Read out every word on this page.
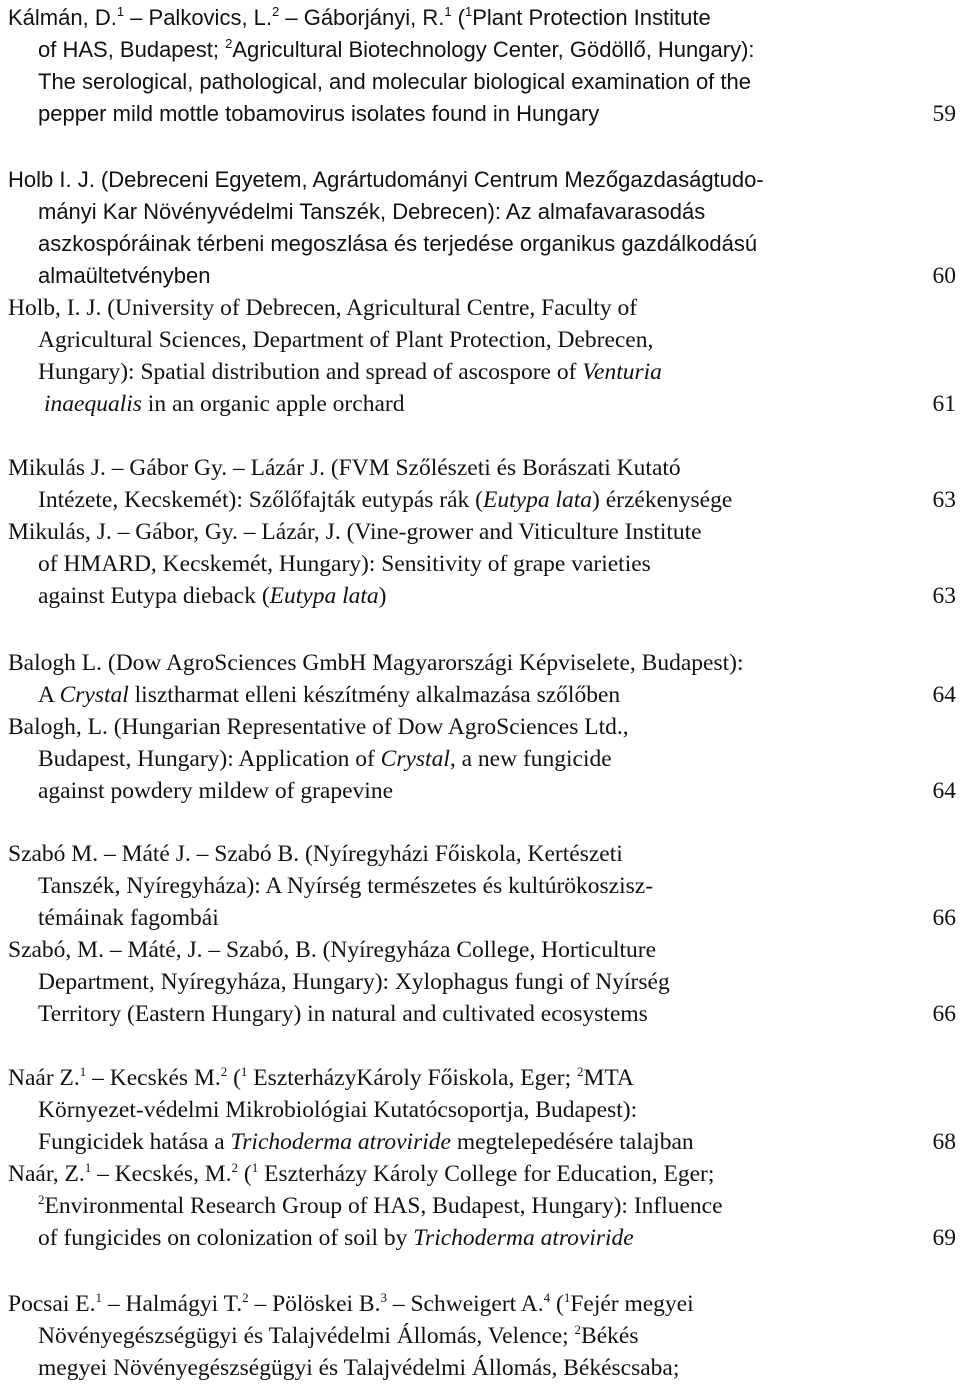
Kálmán, D.$^1$ – Palkovics, L.$^2$ – Gáborjányi, R.$^1$ ($^1$Plant Protection Institute
of HAS, Budapest; $^2$Agricultural Biotechnology Center, Gödöllő, Hungary):
The serological, pathological, and molecular biological examination of the
pepper mild mottle tobamovirus isolates found in Hungary	59
Holb I. J. (Debreceni Egyetem, Agrártudományi Centrum Mezőgazdaságtudo-
mányi Kar Növényvédelmi Tanszék, Debrecen): Az almafavarasodás
aszkospóráinak térbeni megoszlása és terjedése organikus gazdálkodású
almaültetvényben	60
Holb, I. J. (University of Debrecen, Agricultural Centre, Faculty of
Agricultural Sciences, Department of Plant Protection, Debrecen,
Hungary): Spatial distribution and spread of ascospore of Venturia
inaequalis in an organic apple orchard	61
Mikulás J. – Gábor Gy. – Lázár J. (FVM Szőlészeti és Borászati Kutató
Intézete, Kecskemét): Szőlőfajták eutypás rák (Eutypa lata) érzékenysége	63
Mikulás, J. – Gábor, Gy. – Lázár, J. (Vine-grower and Viticulture Institute
of HMARD, Kecskemét, Hungary): Sensitivity of grape varieties
against Eutypa dieback (Eutypa lata)	63
Balogh L. (Dow AgroSciences GmbH Magyarországi Képviselete, Budapest):
A Crystal lisztharmat elleni készítmény alkalmazása szőlőben	64
Balogh, L. (Hungarian Representative of Dow AgroSciences Ltd.,
Budapest, Hungary): Application of Crystal, a new fungicide
against powdery mildew of grapevine	64
Szabó M. – Máté J. – Szabó B. (Nyíregyházi Főiskola, Kertészeti
Tanszék, Nyíregyháza): A Nyírség természetes és kultúrökoszisz-
témáinak fagombái	66
Szabó, M. – Máté, J. – Szabó, B. (Nyíregyháza College, Horticulture
Department, Nyíregyháza, Hungary): Xylophagus fungi of Nyírség
Territory (Eastern Hungary) in natural and cultivated ecosystems	66
Naár Z.$^1$ – Kecskés M.$^2$ ($^1$ EszterházyKároly Főiskola, Eger; $^2$MTA
Környezet-védelmi Mikrobiológiai Kutatócsoportja, Budapest):
Fungicidek hatása a Trichoderma atroviride megtelepedésére talajban	68
Naár, Z.$^1$ – Kecskés, M.$^2$ ($^1$ Eszterházy Károly College for Education, Eger;
$^2$Environmental Research Group of HAS, Budapest, Hungary): Influence
of fungicides on colonization of soil by Trichoderma atroviride	69
Pocsai E.$^1$ – Halmágyi T.$^2$ – Pölöskei B.$^3$ – Schweigert A.$^4$ ($^1$Fejér megyei
Növényegészségügyi és Talajvédelmi Állomás, Velence; $^2$Békés
megyei Növényegészségügyi és Talajvédelmi Állomás, Békéscsaba;
